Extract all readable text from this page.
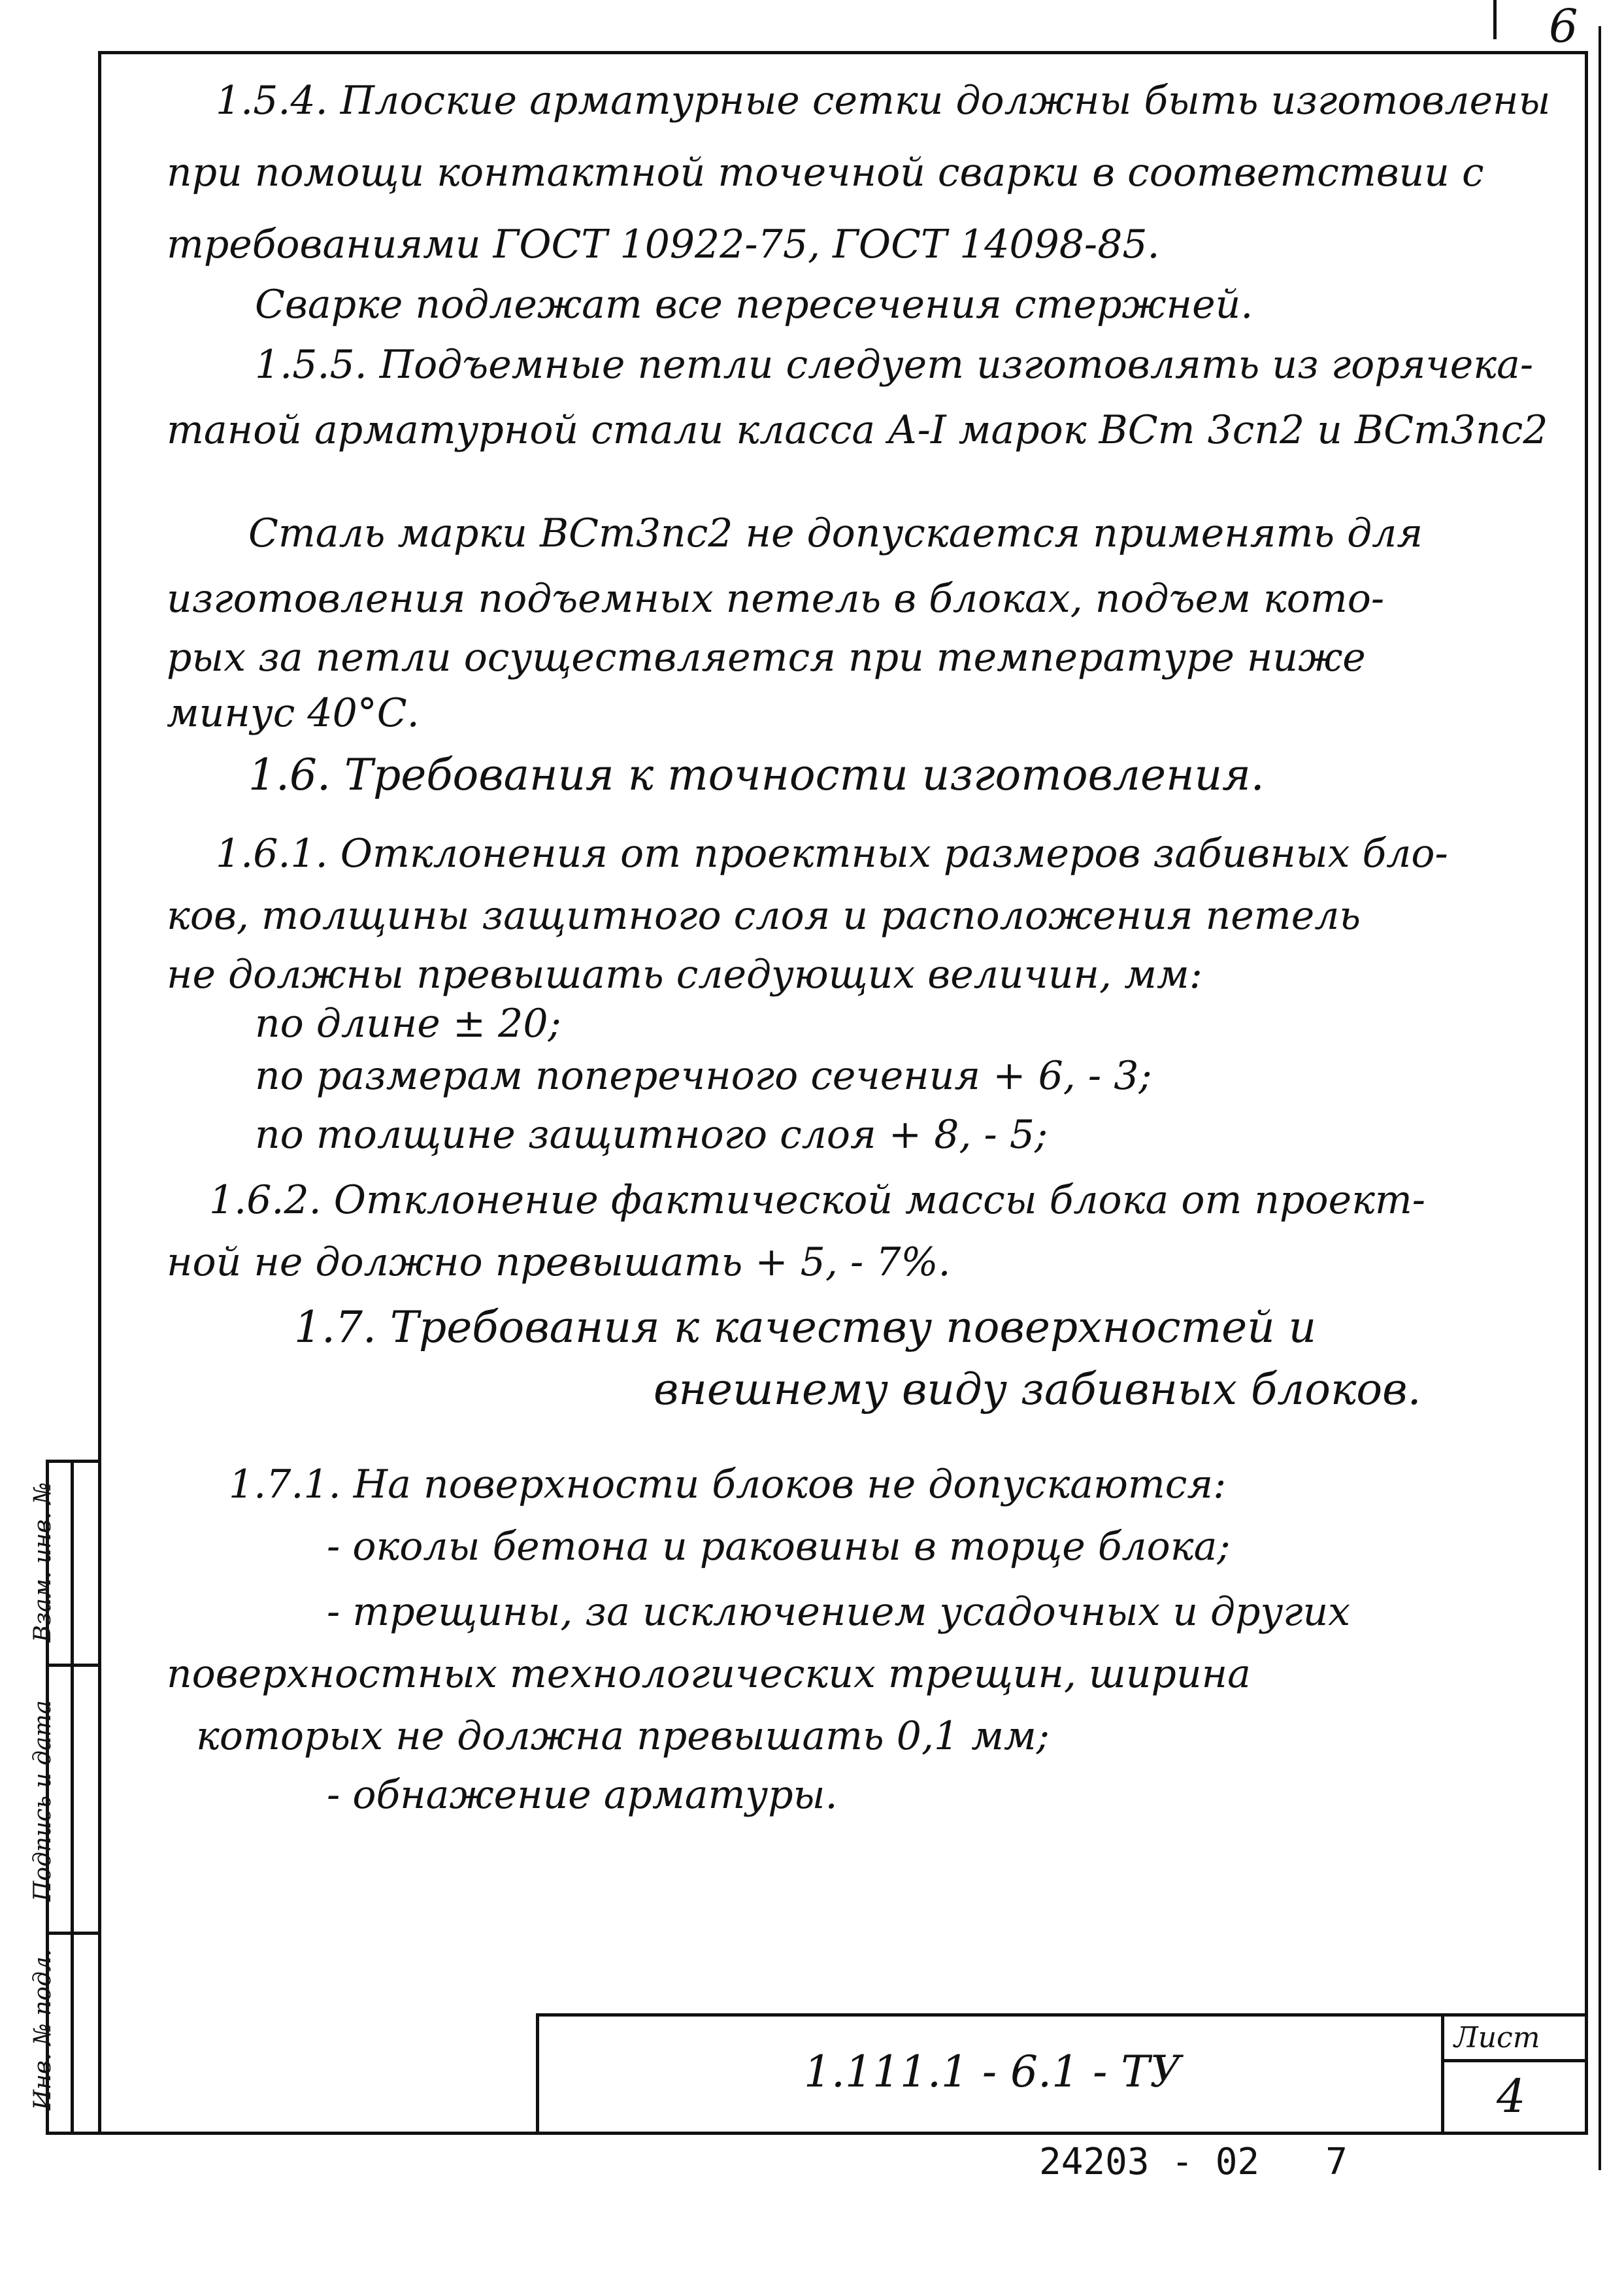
6
1.5.4. Плоские арматурные сетки должны быть изготовлены
при помощи контактной точечной сварки в соответствии с
требованиями ГОСТ 10922-75, ГОСТ 14098-85.
Сварке подлежат все пересечения стержней.
1.5.5. Подъемные петли следует изготовлять из горячека-
таной арматурной стали класса А-I марок ВСт 3сп2 и ВСт3пс2
Сталь марки ВСт3пс2 не допускается применять для
изготовления подъемных петель в блоках, подъем кото-
рых за петли осуществляется при температуре ниже
минус 40°С.
1.6. Требования к точности изготовления.
1.6.1. Отклонения от проектных размеров забивных бло-
ков, толщины защитного слоя и расположения петель
не должны превышать следующих величин, мм:
по длине ± 20;
по размерам поперечного сечения + 6, - 3;
по толщине защитного слоя + 8, - 5;
1.6.2. Отклонение фактической массы блока от проект-
ной не должно превышать + 5, - 7%.
1.7. Требования к качеству поверхностей и
внешнему виду забивных блоков.
1.7.1. На поверхности блоков не допускаются:
- околы бетона и раковины в торце блока;
- трещины, за исключением усадочных и других
поверхностных технологических трещин, ширина
которых не должна превышать 0,1 мм;
- обнажение арматуры.
Инв. № подл.
Подпись и дата
Взам. инв. №
1.111.1 - 6.1 - ТУ
Лист
4
24203 - 02   7
